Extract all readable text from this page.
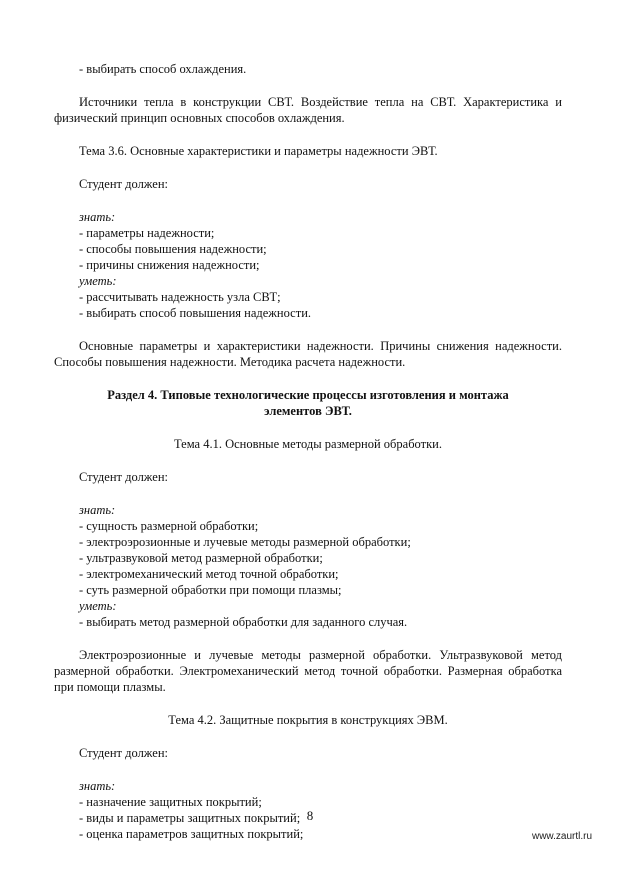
- выбирать способ охлаждения.
Источники тепла в конструкции СВТ. Воздействие тепла на СВТ. Характеристика и физический принцип основных способов охлаждения.
Тема 3.6. Основные характеристики и параметры надежности ЭВТ.
Студент должен:
знать:
- параметры надежности;
- способы повышения надежности;
- причины снижения надежности;
уметь:
- рассчитывать надежность узла СВТ;
- выбирать способ повышения надежности.
Основные параметры и характеристики надежности. Причины снижения надежности. Способы повышения надежности. Методика расчета надежности.
Раздел 4. Типовые технологические процессы изготовления и монтажа элементов ЭВТ.
Тема 4.1. Основные методы размерной обработки.
Студент должен:
знать:
- сущность размерной обработки;
- электроэрозионные и лучевые методы размерной обработки;
- ультразвуковой метод размерной обработки;
- электромеханический метод точной обработки;
- суть размерной обработки при помощи плазмы;
уметь:
- выбирать метод размерной обработки для заданного случая.
Электроэрозионные и лучевые методы размерной обработки. Ультразвуковой метод размерной обработки. Электромеханический метод точной обработки. Размерная обработка при помощи плазмы.
Тема 4.2. Защитные покрытия в конструкциях ЭВМ.
Студент должен:
знать:
- назначение защитных покрытий;
- виды и параметры защитных покрытий;
- оценка параметров защитных покрытий;
8
www.zaurtl.ru
